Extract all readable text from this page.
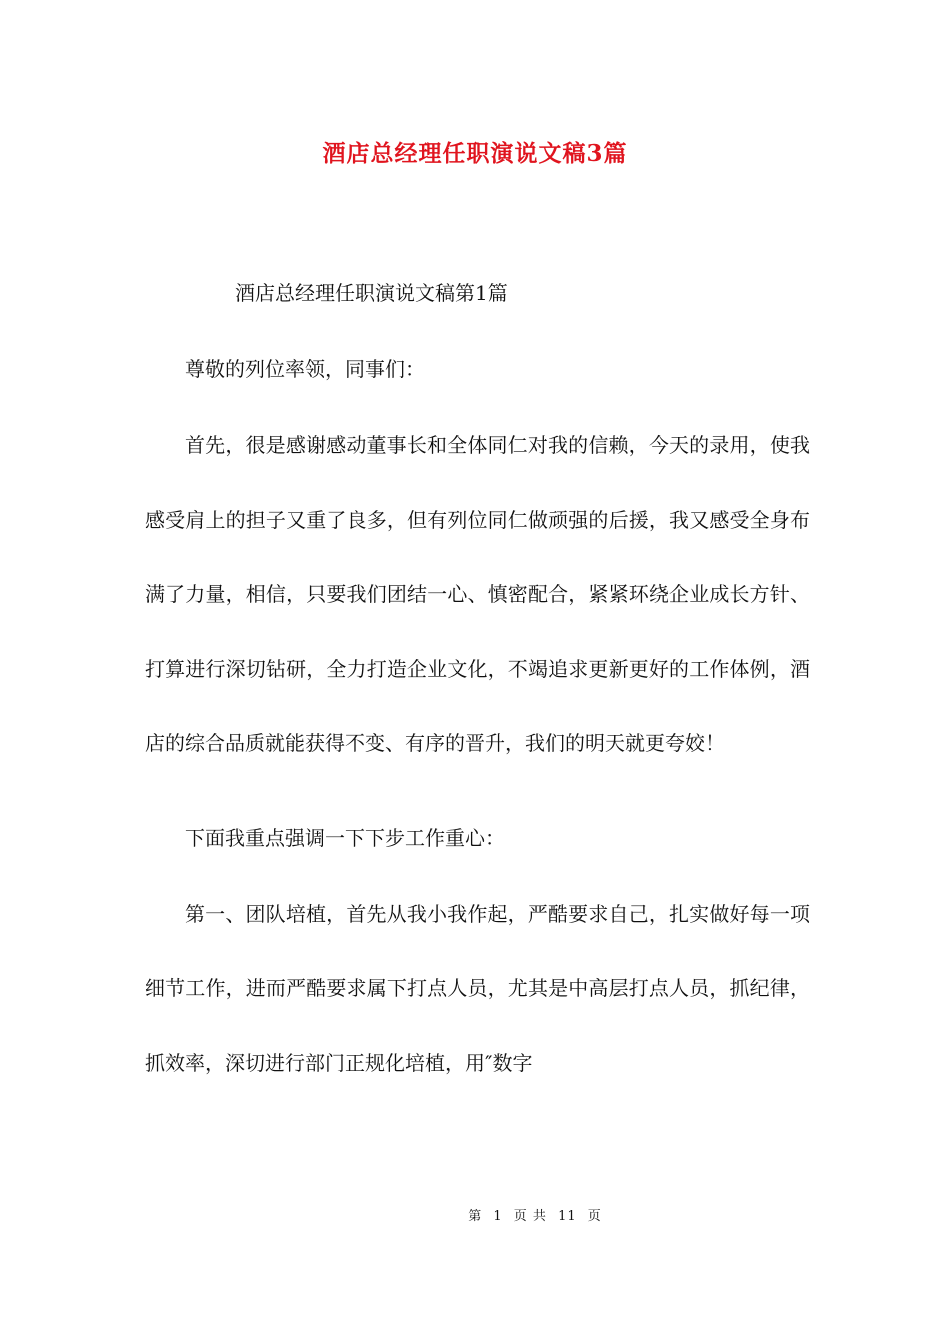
酒店总经理任职演说文稿3篇

酒店总经理任职演说文稿第1篇

尊敬的列位率领，同事们：

首先，很是感谢感动董事长和全体同仁对我的信赖，今天的录用，使我感受肩上的担子又重了良多，但有列位同仁做顽强的后援，我又感受全身布满了力量，相信，只要我们团结一心、慎密配合，紧紧环绕企业成长方针、打算进行深切钻研，全力打造企业文化，不竭追求更新更好的工作体例，酒店的综合品质就能获得不变、有序的晋升，我们的明天就更夸姣！

下面我重点强调一下下步工作重心：

第一、团队培植，首先从我小我作起，严酷要求自己，扎实做好每一项细节工作，进而严酷要求属下打点人员，尤其是中高层打点人员，抓纪律，抓效率，深切进行部门正规化培植，用″数字

第 1 页 共 11 页
